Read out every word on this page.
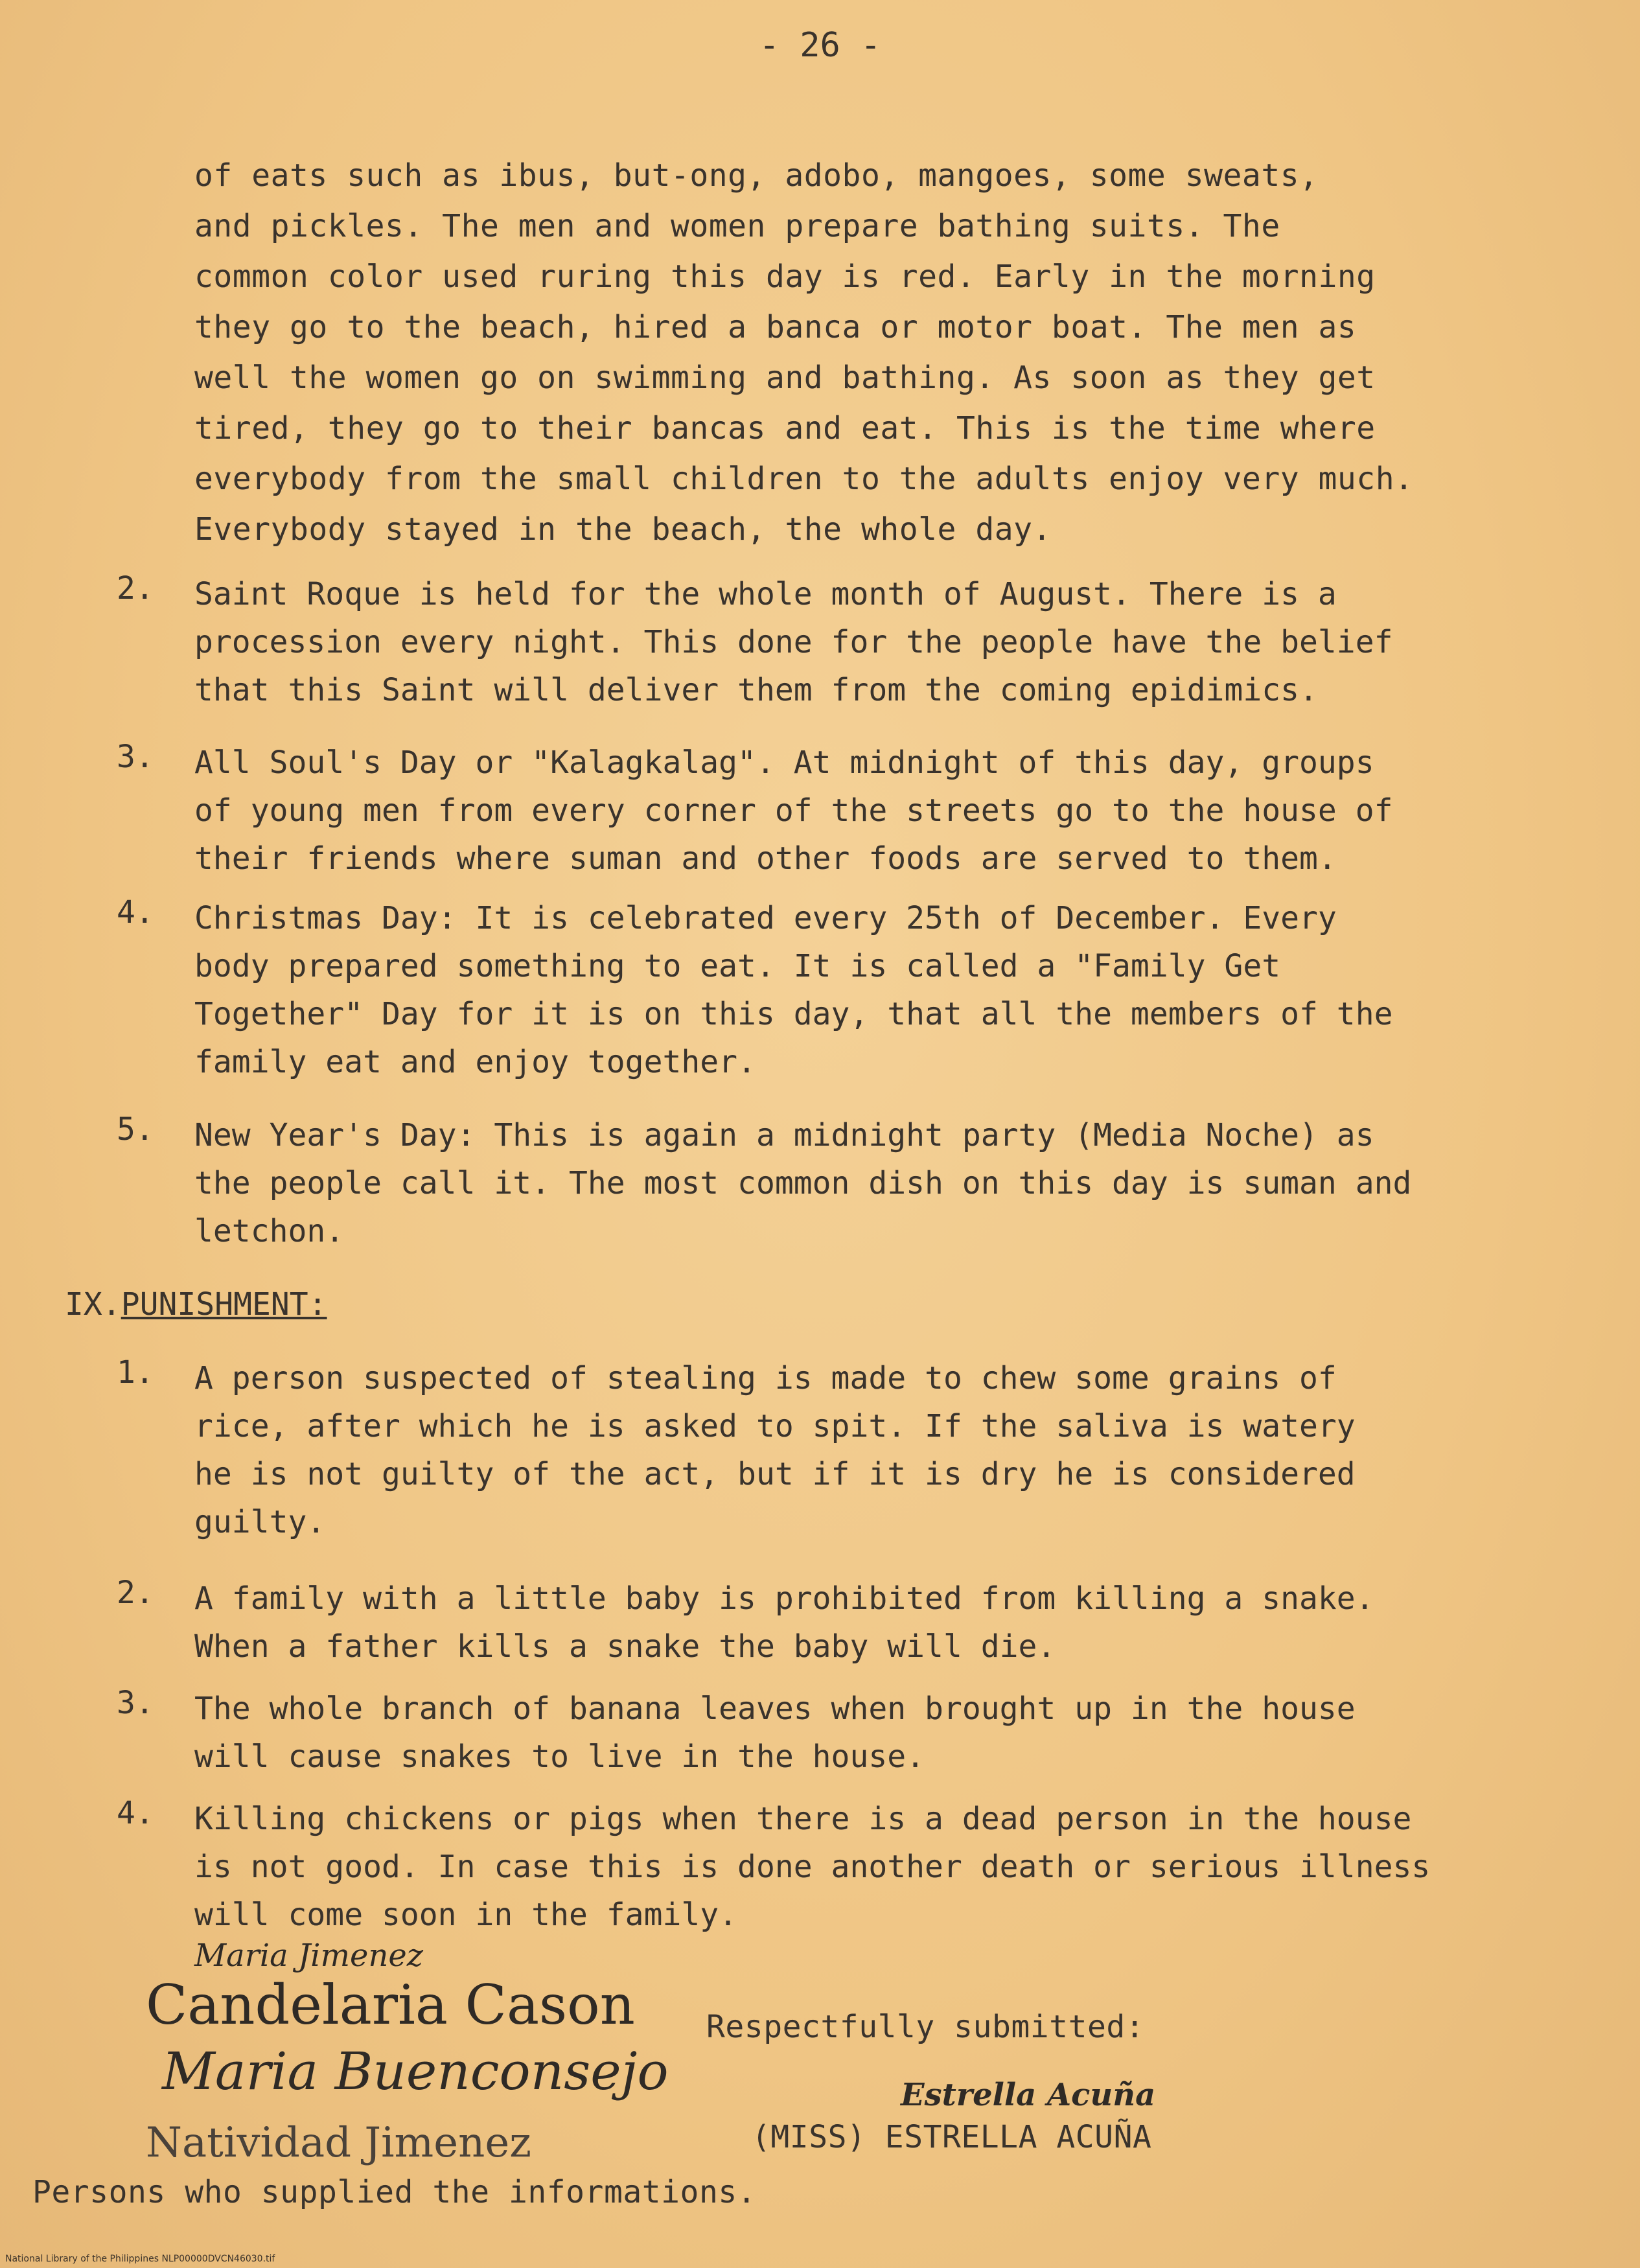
- 26 -
of eats such as ibus, but-ong, adobo, mangoes, some sweats,
and pickles. The men and women prepare bathing suits. The
common color used ruring this day is red. Early in the morning
they go to the beach, hired a banca or motor boat. The men as
well the women go on swimming and bathing. As soon as they get
tired, they go to their bancas and eat. This is the time where
everybody from the small children to the adults enjoy very much.
Everybody stayed in the beach, the whole day.
2.	Saint Roque is held for the whole month of August. There is a
procession every night. This done for the people have the belief
that this Saint will deliver them from the coming epidimics.
3.	All Soul's Day or "Kalagkalag". At midnight of this day, groups
of young men from every corner of the streets go to the house of
their friends where suman and other foods are served to them.
4.	Christmas Day: It is celebrated every 25th of December. Every
body prepared something to eat. It is called a "Family Get
Together" Day for it is on this day, that all the members of the
family eat and enjoy together.
5.	New Year's Day: This is again a midnight party (Media Noche) as
the people call it. The most common dish on this day is suman and
letchon.
IX.PUNISHMENT:
1.	A person suspected of stealing is made to chew some grains of
rice, after which he is asked to spit. If the saliva is watery
he is not guilty of the act, but if it is dry he is considered
guilty.
2.	A family with a little baby is prohibited from killing a snake.
When a father kills a snake the baby will die.
3.	The whole branch of banana leaves when brought up in the house
will cause snakes to live in the house.
4.	Killing chickens or pigs when there is a dead person in the house
is not good. In case this is done another death or serious illness
will come soon in the family.
Maria Jimenez
Candelaria Cason
Maria Buenconsejo
Natividad Jimenez
Respectfully submitted:
Estrella Acuña
(MISS) ESTRELLA ACUÑA
Persons who supplied the informations.
National Library of the Philippines NLP00000DVCN46030.tif
